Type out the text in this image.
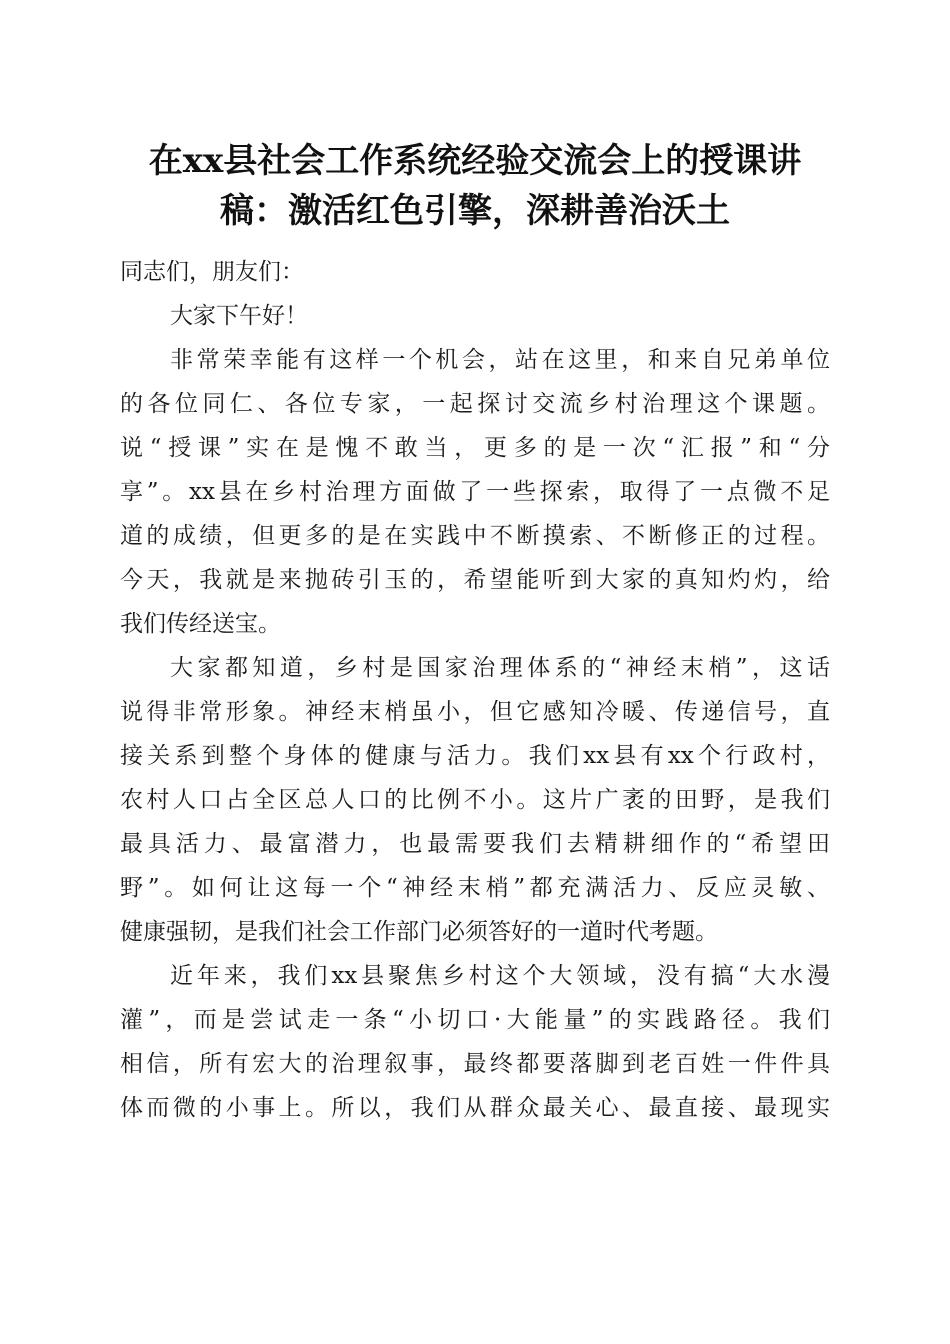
在xx县社会工作系统经验交流会上的授课讲
稿：激活红色引擎，深耕善治沃土
同志们，朋友们：
大家下午好！
非常荣幸能有这样一个机会，站在这里，和来自兄弟单位
的各位同仁、各位专家，一起探讨交流乡村治理这个课题。
说“授课”实在是愧不敢当，更多的是一次“汇报”和“分
享”。xx县在乡村治理方面做了一些探索，取得了一点微不足
道的成绩，但更多的是在实践中不断摸索、不断修正的过程。
今天，我就是来抛砖引玉的，希望能听到大家的真知灼灼，给
我们传经送宝。
大家都知道，乡村是国家治理体系的“神经末梢”，这话
说得非常形象。神经末梢虽小，但它感知冷暖、传递信号，直
接关系到整个身体的健康与活力。我们xx县有xx个行政村，
农村人口占全区总人口的比例不小。这片广袤的田野，是我们
最具活力、最富潜力，也最需要我们去精耕细作的“希望田
野”。如何让这每一个“神经末梢”都充满活力、反应灵敏、
健康强韧，是我们社会工作部门必须答好的一道时代考题。
近年来，我们xx县聚焦乡村这个大领域，没有搞“大水漫
灌”，而是尝试走一条“小切口·大能量”的实践路径。我们
相信，所有宏大的治理叙事，最终都要落脚到老百姓一件件具
体而微的小事上。所以，我们从群众最关心、最直接、最现实
